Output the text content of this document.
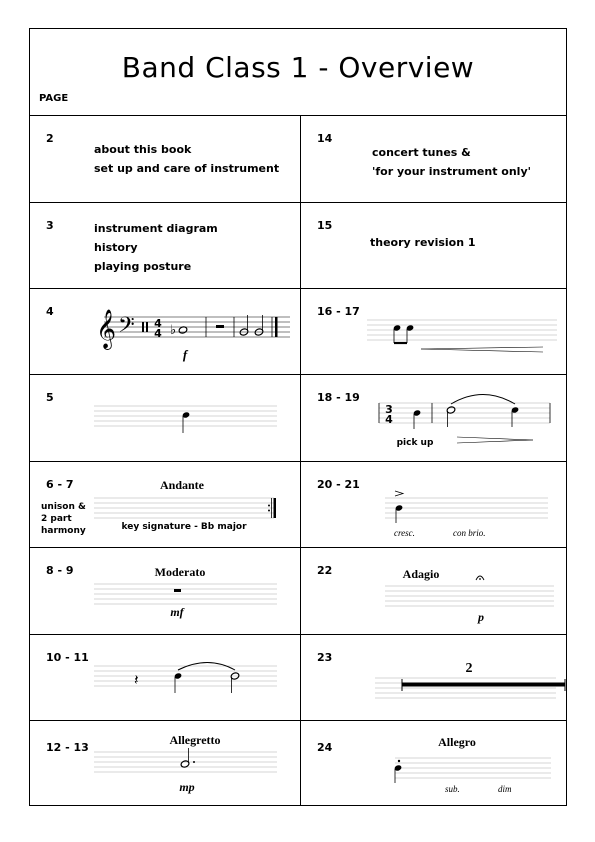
Band Class 1 - Overview
PAGE
2
about this book
set up and care of instrument
14
concert tunes &
'for your instrument only'
3	instrument diagram
history
playing posture
15
theory revision 1
4 𝄞 𝄢 4
4 ♭
f
16 - 17
5	18 - 19
3
4
pick up
6 - 7
unison &
2 part
harmony
Andante
key signature - Bb major
20 - 21
cresc.	con brio.
8 - 9	Moderato
mf
22	Adagio
p
10 - 11
𝄽
23
2
12 - 13
Allegretto
mp
24	Allegro
sub.	dim
